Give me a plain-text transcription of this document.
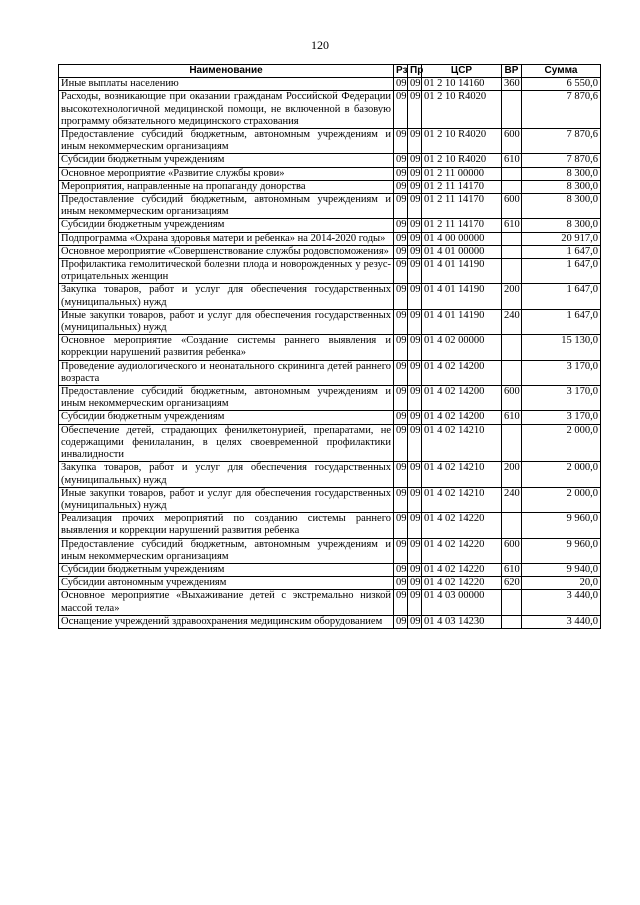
120
Наименование	Рз	Пр	ЦСР	ВР	Сумма
Иные выплаты населению	09	09	01 2 10 14160	360	6 550,0
Расходы, возникающие при оказании гражданам Российской Федерации высокотехнологичной медицинской помощи, не включенной в базовую программу обязательного медицинского страхования	09	09	01 2 10 R4020		7 870,6
Предоставление субсидий бюджетным, автономным учреждениям и иным некоммерческим организациям	09	09	01 2 10 R4020	600	7 870,6
Субсидии бюджетным учреждениям	09	09	01 2 10 R4020	610	7 870,6
Основное мероприятие «Развитие службы крови»	09	09	01 2 11 00000		8 300,0
Мероприятия, направленные на пропаганду донорства	09	09	01 2 11 14170		8 300,0
Предоставление субсидий бюджетным, автономным учреждениям и иным некоммерческим организациям	09	09	01 2 11 14170	600	8 300,0
Субсидии бюджетным учреждениям	09	09	01 2 11 14170	610	8 300,0
Подпрограмма «Охрана здоровья матери и ребенка» на 2014-2020 годы»	09	09	01 4 00 00000		20 917,0
Основное мероприятие «Совершенствование службы родовспоможения»	09	09	01 4 01 00000		1 647,0
Профилактика гемолитической болезни плода и новорожденных у резус-отрицательных женщин	09	09	01 4 01 14190		1 647,0
Закупка товаров, работ и услуг для обеспечения государственных (муниципальных) нужд	09	09	01 4 01 14190	200	1 647,0
Иные закупки товаров, работ и услуг для обеспечения государственных (муниципальных) нужд	09	09	01 4 01 14190	240	1 647,0
Основное мероприятие «Создание системы раннего выявления и коррекции нарушений развития ребенка»	09	09	01 4 02 00000		15 130,0
Проведение аудиологического и неонатального скрининга детей раннего возраста	09	09	01 4 02 14200		3 170,0
Предоставление субсидий бюджетным, автономным учреждениям и иным некоммерческим организациям	09	09	01 4 02 14200	600	3 170,0
Субсидии бюджетным учреждениям	09	09	01 4 02 14200	610	3 170,0
Обеспечение детей, страдающих фенилкетонурией, препаратами, не содержащими фенилаланин, в целях своевременной профилактики инвалидности	09	09	01 4 02 14210		2 000,0
Закупка товаров, работ и услуг для обеспечения государственных (муниципальных) нужд	09	09	01 4 02 14210	200	2 000,0
Иные закупки товаров, работ и услуг для обеспечения государственных (муниципальных) нужд	09	09	01 4 02 14210	240	2 000,0
Реализация прочих мероприятий по созданию системы раннего выявления и коррекции нарушений развития ребенка	09	09	01 4 02 14220		9 960,0
Предоставление субсидий бюджетным, автономным учреждениям и иным некоммерческим организациям	09	09	01 4 02 14220	600	9 960,0
Субсидии бюджетным учреждениям	09	09	01 4 02 14220	610	9 940,0
Субсидии автономным учреждениям	09	09	01 4 02 14220	620	20,0
Основное мероприятие «Выхаживание детей с экстремально низкой массой тела»	09	09	01 4 03 00000		3 440,0
Оснащение учреждений здравоохранения медицинским оборудованием	09	09	01 4 03 14230		3 440,0
